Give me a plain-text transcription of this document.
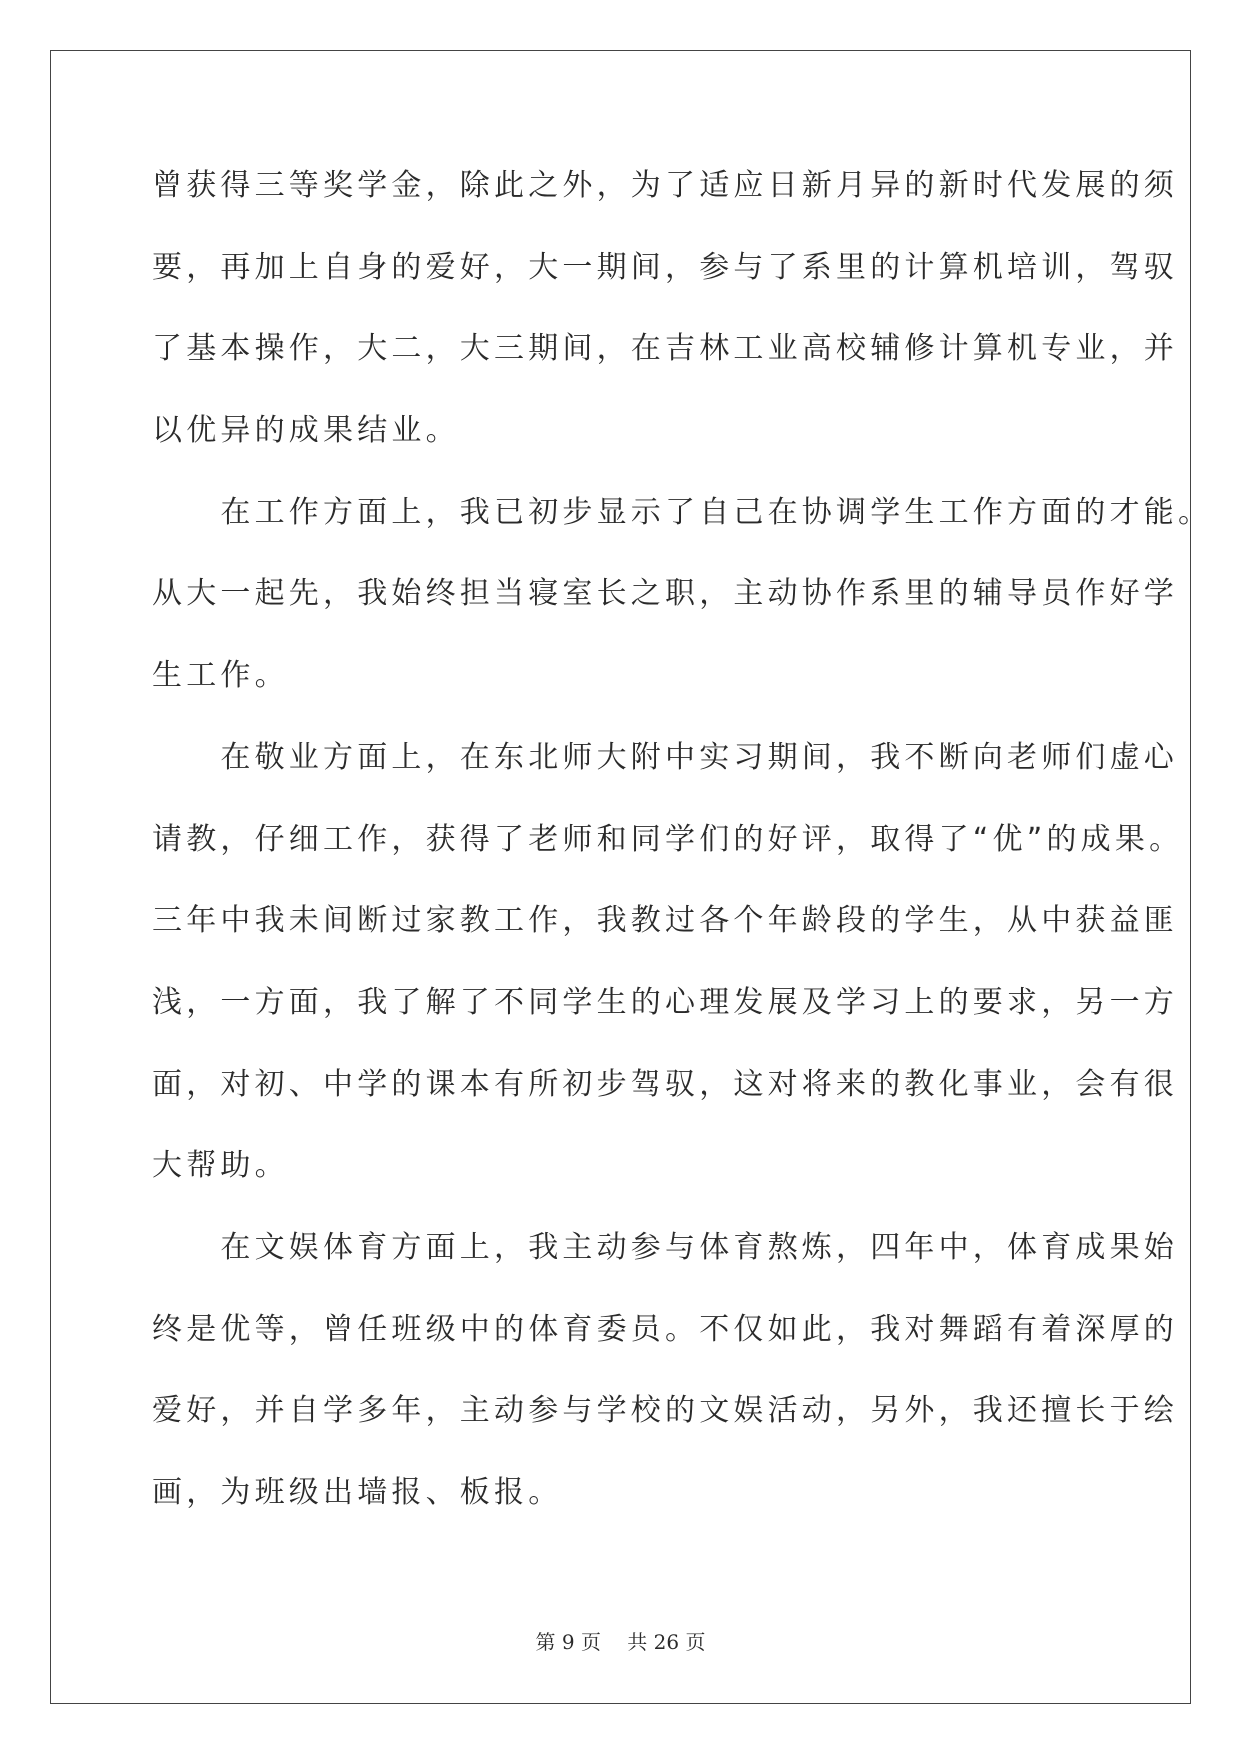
曾获得三等奖学金，除此之外，为了适应日新月异的新时代发展的须
要，再加上自身的爱好，大一期间，参与了系里的计算机培训，驾驭
了基本操作，大二，大三期间，在吉林工业高校辅修计算机专业，并
以优异的成果结业。
　　在工作方面上，我已初步显示了自己在协调学生工作方面的才能。
从大一起先，我始终担当寝室长之职，主动协作系里的辅导员作好学
生工作。
　　在敬业方面上，在东北师大附中实习期间，我不断向老师们虚心
请教，仔细工作，获得了老师和同学们的好评，取得了“优”的成果。
三年中我未间断过家教工作，我教过各个年龄段的学生，从中获益匪
浅，一方面，我了解了不同学生的心理发展及学习上的要求，另一方
面，对初、中学的课本有所初步驾驭，这对将来的教化事业，会有很
大帮助。
　　在文娱体育方面上，我主动参与体育熬炼，四年中，体育成果始
终是优等，曾任班级中的体育委员。不仅如此，我对舞蹈有着深厚的
爱好，并自学多年，主动参与学校的文娱活动，另外，我还擅长于绘
画，为班级出墙报、板报。
第 9 页　 共 26 页
